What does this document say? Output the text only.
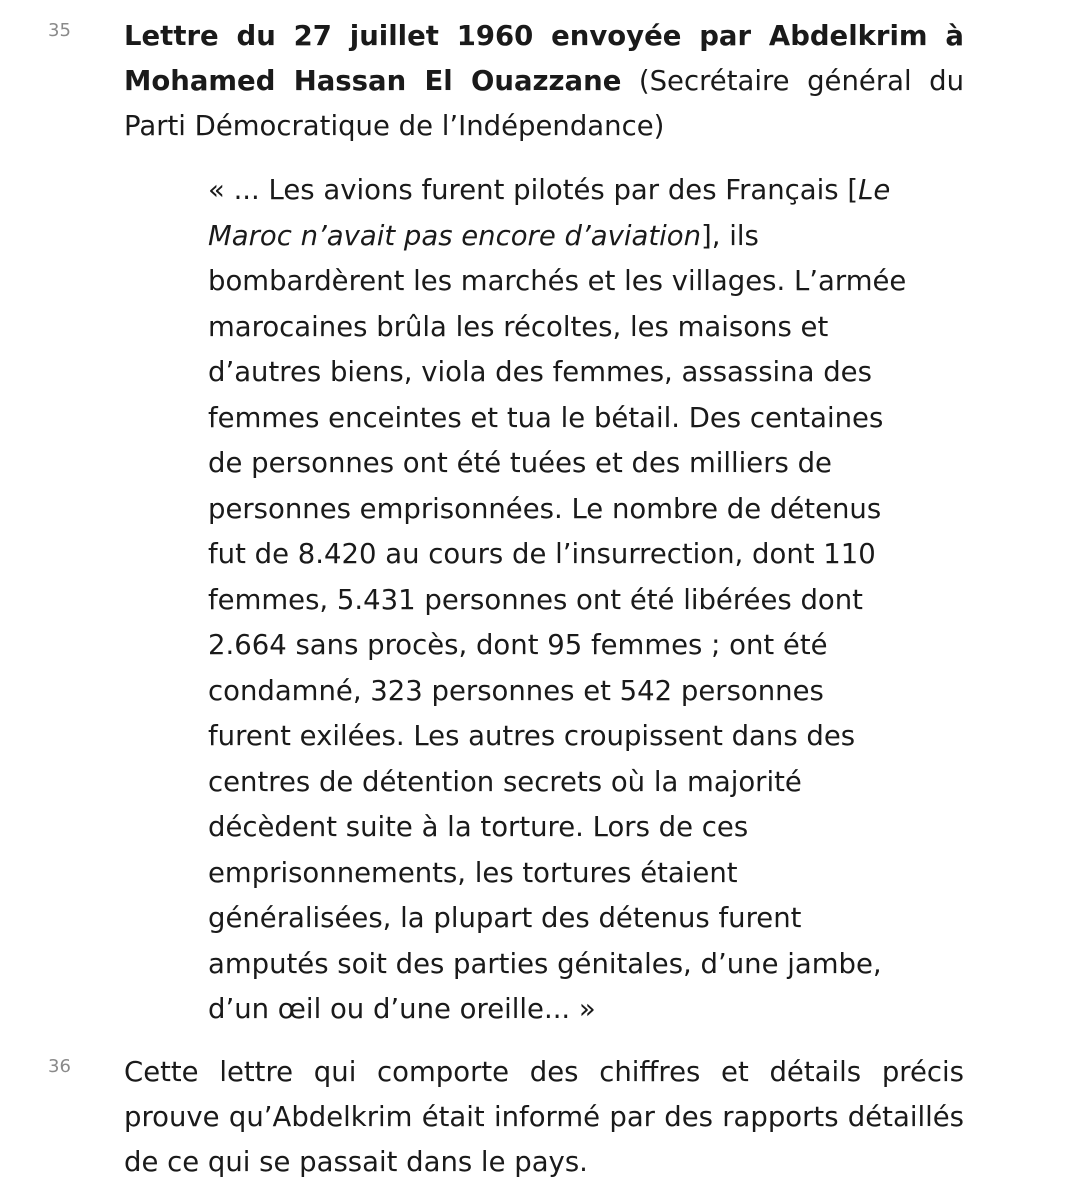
35 Lettre du 27 juillet 1960 envoyée par Abdelkrim à Mohamed Hassan El Ouazzane (Secrétaire général du Parti Démocratique de l’Indépendance)
« ... Les avions furent pilotés par des Français [Le
Maroc n’avait pas encore d’aviation], ils
bombardèrent les marchés et les villages. L’armée
marocaines brûla les récoltes, les maisons et
d’autres biens, viola des femmes, assassina des
femmes enceintes et tua le bétail. Des centaines
de personnes ont été tuées et des milliers de
personnes emprisonnées. Le nombre de détenus
fut de 8.420 au cours de l’insurrection, dont 110
femmes, 5.431 personnes ont été libérées dont
2.664 sans procès, dont 95 femmes ; ont été
condamné, 323 personnes et 542 personnes
furent exilées. Les autres croupissent dans des
centres de détention secrets où la majorité
décèdent suite à la torture. Lors de ces
emprisonnements, les tortures étaient
généralisées, la plupart des détenus furent
amputés soit des parties génitales, d’une jambe,
d’un œil ou d’une oreille... »
36 Cette lettre qui comporte des chiffres et détails précis prouve qu’Abdelkrim était informé par des rapports détaillés de ce qui se passait dans le pays.
